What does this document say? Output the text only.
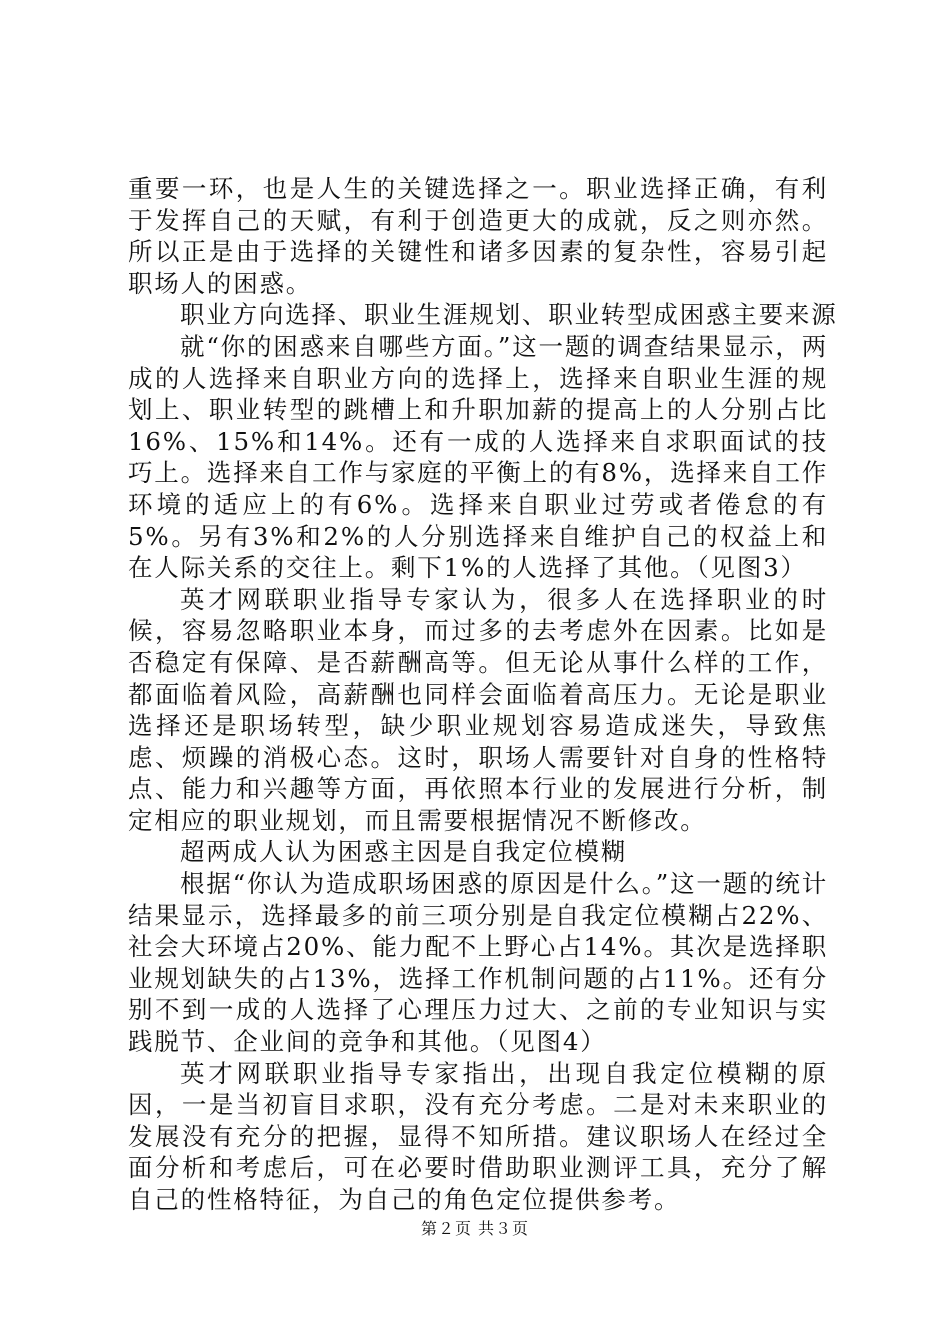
重要一环，也是人生的关键选择之一。职业选择正确，有利于发挥自己的天赋，有利于创造更大的成就，反之则亦然。所以正是由于选择的关键性和诸多因素的复杂性，容易引起职场人的困惑。

职业方向选择、职业生涯规划、职业转型成困惑主要来源

就“你的困惑来自哪些方面。”这一题的调查结果显示，两成的人选择来自职业方向的选择上，选择来自职业生涯的规划上、职业转型的跳槽上和升职加薪的提高上的人分别占比16%、15%和14%。还有一成的人选择来自求职面试的技巧上。选择来自工作与家庭的平衡上的有8%，选择来自工作环境的适应上的有6%。选择来自职业过劳或者倦怠的有5%。另有3%和2%的人分别选择来自维护自己的权益上和在人际关系的交往上。剩下1%的人选择了其他。（见图3）

英才网联职业指导专家认为，很多人在选择职业的时候，容易忽略职业本身，而过多的去考虑外在因素。比如是否稳定有保障、是否薪酬高等。但无论从事什么样的工作，都面临着风险，高薪酬也同样会面临着高压力。无论是职业选择还是职场转型，缺少职业规划容易造成迷失，导致焦虑、烦躁的消极心态。这时，职场人需要针对自身的性格特点、能力和兴趣等方面，再依照本行业的发展进行分析，制定相应的职业规划，而且需要根据情况不断修改。

超两成人认为困惑主因是自我定位模糊

根据“你认为造成职场困惑的原因是什么。”这一题的统计结果显示，选择最多的前三项分别是自我定位模糊占22%、社会大环境占20%、能力配不上野心占14%。其次是选择职业规划缺失的占13%，选择工作机制问题的占11%。还有分别不到一成的人选择了心理压力过大、之前的专业知识与实践脱节、企业间的竞争和其他。（见图4）

英才网联职业指导专家指出，出现自我定位模糊的原因，一是当初盲目求职，没有充分考虑。二是对未来职业的发展没有充分的把握，显得不知所措。建议职场人在经过全面分析和考虑后，可在必要时借助职业测评工具，充分了解自己的性格特征，为自己的角色定位提供参考。

第２页 共３页
